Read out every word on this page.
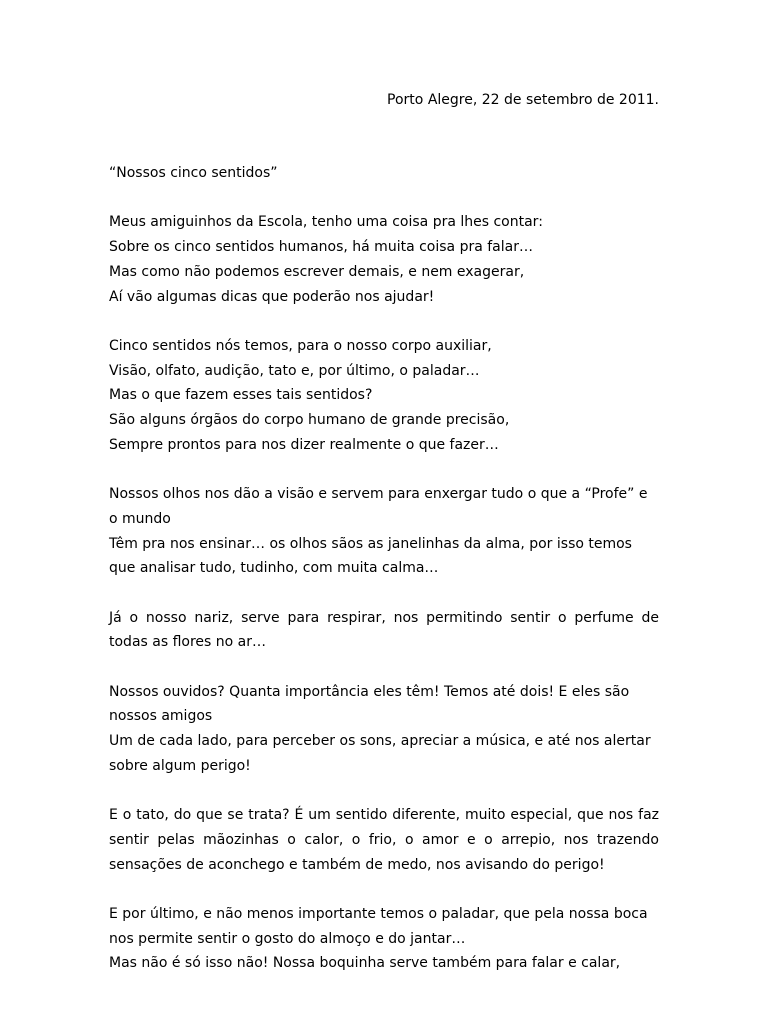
Porto Alegre, 22 de setembro de 2011.

“Nossos cinco sentidos”

Meus amiguinhos da Escola, tenho uma coisa pra lhes contar:
Sobre os cinco sentidos humanos, há muita coisa pra falar…
Mas como não podemos escrever demais, e nem exagerar,
Aí vão algumas dicas que poderão nos ajudar!

Cinco sentidos nós temos, para o nosso corpo auxiliar,
Visão, olfato, audição, tato e, por último, o paladar…
Mas o que fazem esses tais sentidos?
São alguns órgãos do corpo humano de grande precisão,
Sempre prontos para nos dizer realmente o que fazer…

Nossos olhos nos dão a visão e servem para enxergar tudo o que a “Profe” e o mundo
Têm pra nos ensinar… os olhos sãos as janelinhas da alma, por isso temos que analisar tudo, tudinho, com muita calma…

Já o nosso nariz, serve para respirar, nos permitindo sentir o perfume de todas as flores no ar…

Nossos ouvidos? Quanta importância eles têm! Temos até dois! E eles são nossos amigos
Um de cada lado, para perceber os sons, apreciar a música, e até nos alertar sobre algum perigo!

E o tato, do que se trata? É um sentido diferente, muito especial, que nos faz sentir pelas mãozinhas o calor, o frio, o amor e o arrepio, nos trazendo sensações de aconchego e também de medo, nos avisando do perigo!

E por último, e não menos importante temos o paladar, que pela nossa boca nos permite sentir o gosto do almoço e do jantar…
Mas não é só isso não! Nossa boquinha serve também para falar e calar,
